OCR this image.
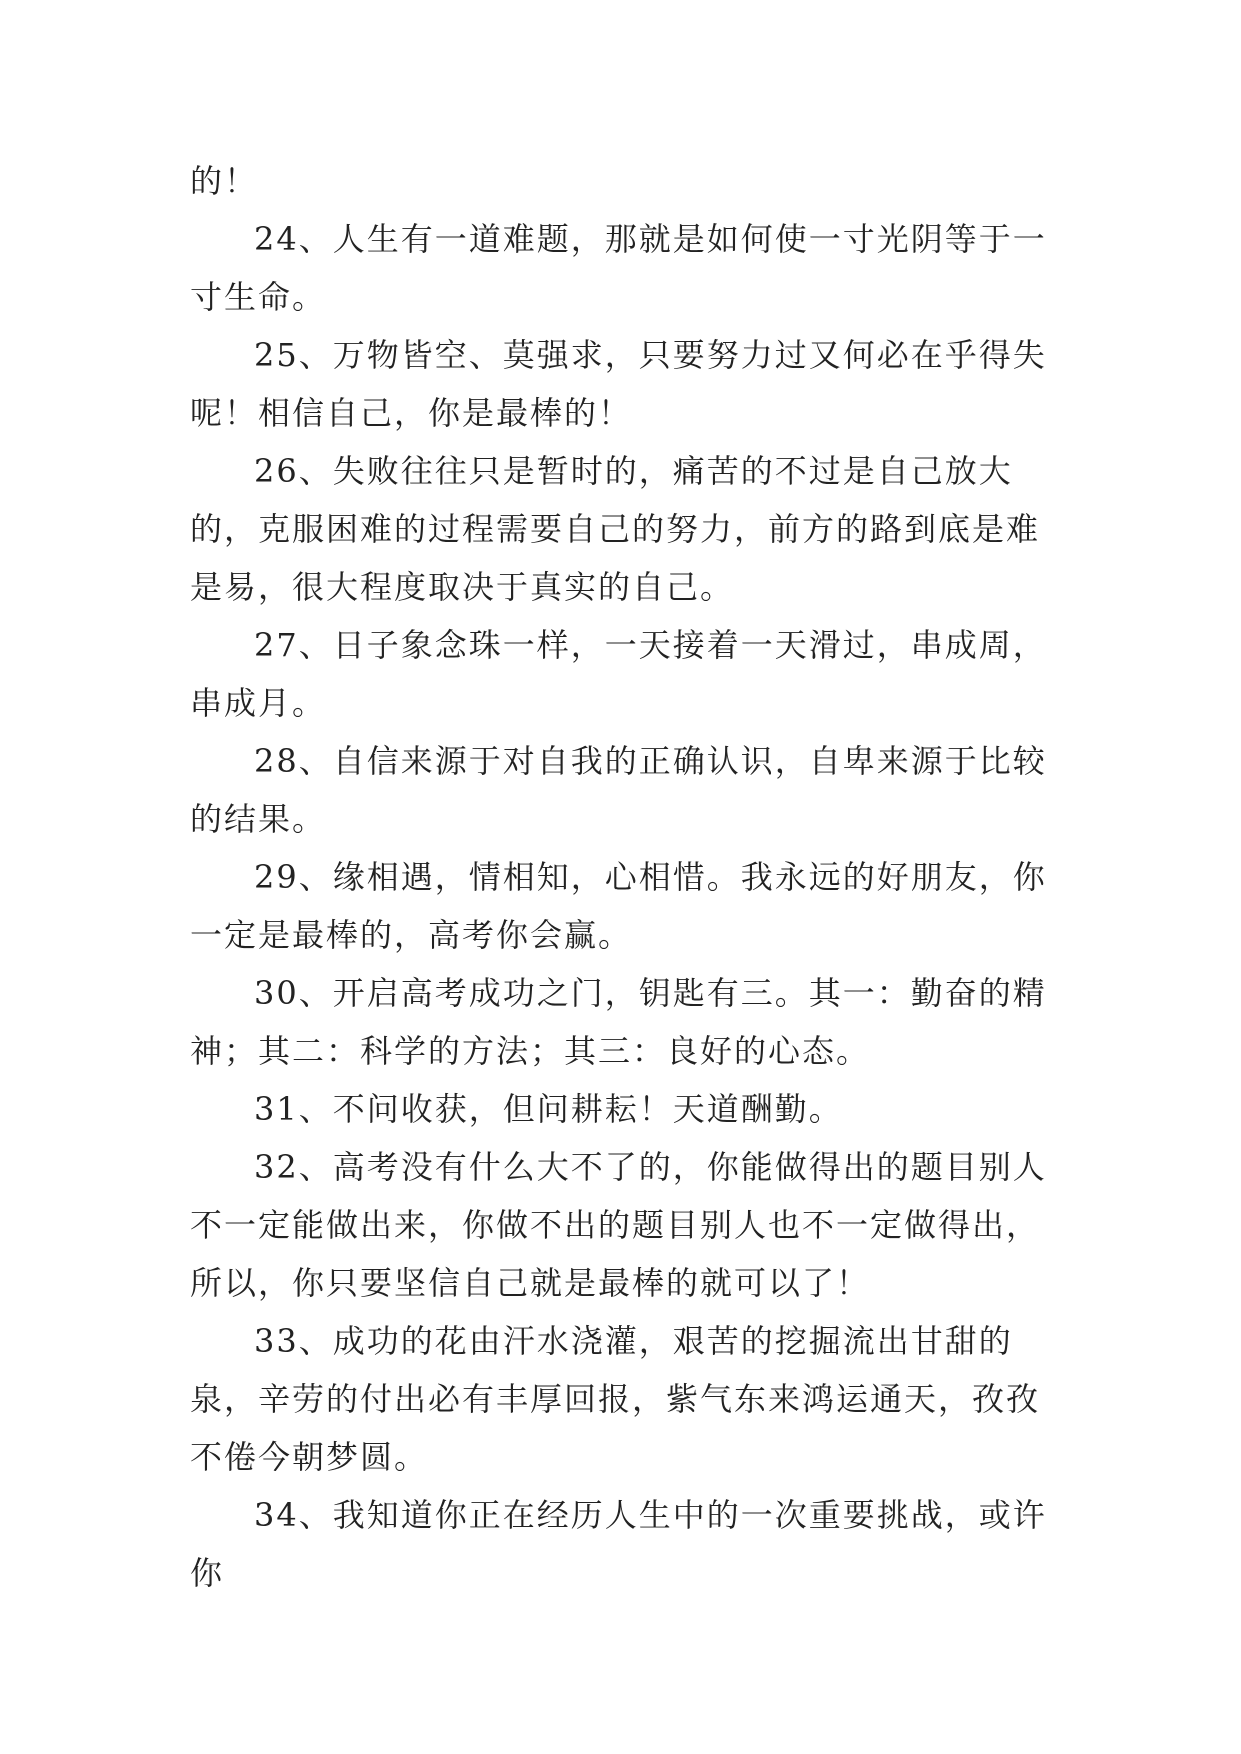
的！

24、人生有一道难题，那就是如何使一寸光阴等于一寸生命。

25、万物皆空、莫强求，只要努力过又何必在乎得失呢！相信自己，你是最棒的！

26、失败往往只是暂时的，痛苦的不过是自己放大的，克服困难的过程需要自己的努力，前方的路到底是难是易，很大程度取决于真实的自己。

27、日子象念珠一样，一天接着一天滑过，串成周，串成月。

28、自信来源于对自我的正确认识，自卑来源于比较的结果。

29、缘相遇，情相知，心相惜。我永远的好朋友，你一定是最棒的，高考你会赢。

30、开启高考成功之门，钥匙有三。其一：勤奋的精神；其二：科学的方法；其三：良好的心态。

31、不问收获，但问耕耘！天道酬勤。

32、高考没有什么大不了的，你能做得出的题目别人不一定能做出来，你做不出的题目别人也不一定做得出，所以，你只要坚信自己就是最棒的就可以了！

33、成功的花由汗水浇灌，艰苦的挖掘流出甘甜的泉，辛劳的付出必有丰厚回报，紫气东来鸿运通天，孜孜不倦今朝梦圆。

34、我知道你正在经历人生中的一次重要挑战，或许你
